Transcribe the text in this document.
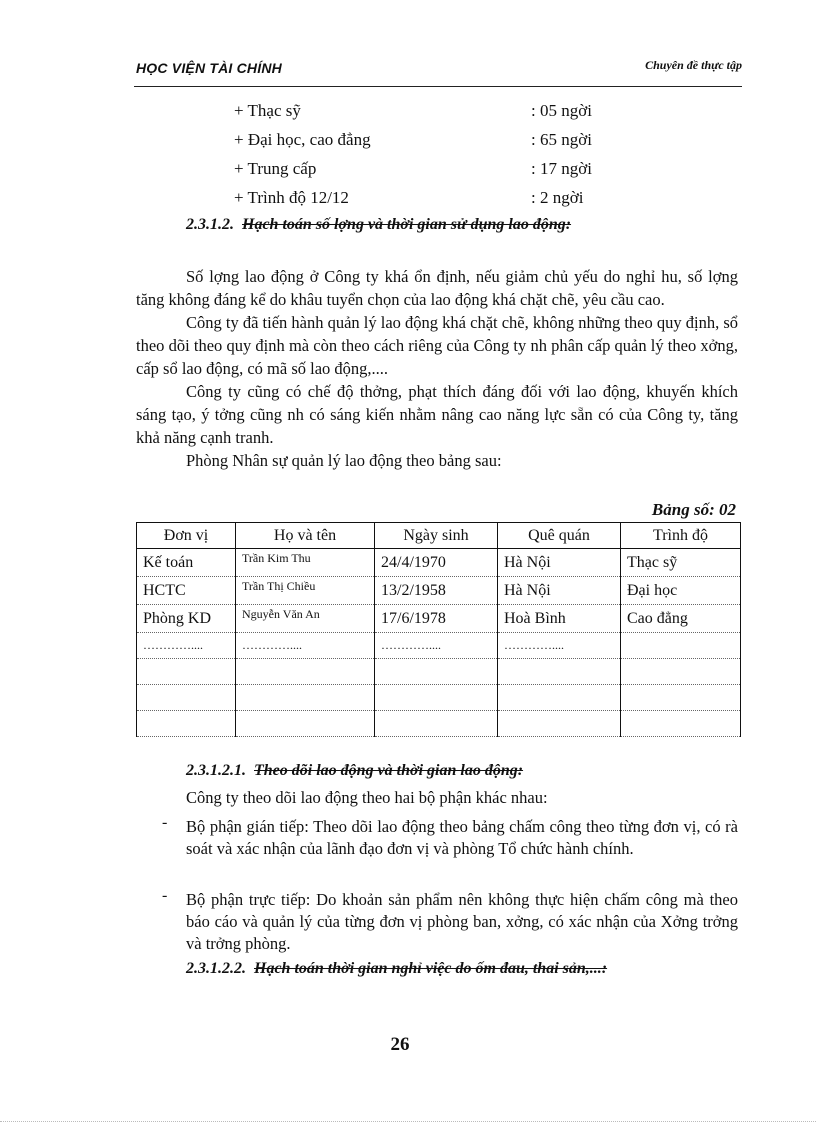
HỌC VIỆN TÀI CHÍNH	Chuyên đề thực tập
+ Thạc sỹ	: 05 ngời
+ Đại học, cao đẳng	: 65 ngời
+ Trung cấp	: 17 ngời
+ Trình độ 12/12	: 2 ngời
2.3.1.2. Hạch toán số lợng và thời gian sử dụng lao động:

Số lợng lao động ở Công ty khá ổn định, nếu giảm chủ yếu do nghỉ hu, số lợng tăng không đáng kể do khâu tuyển chọn của lao động khá chặt chẽ, yêu cầu cao.

Công ty đã tiến hành quản lý lao động khá chặt chẽ, không những theo quy định, sổ theo dõi theo quy định mà còn theo cách riêng của Công ty nh phân cấp quản lý theo xởng, cấp sổ lao động, có mã số lao động,....

Công ty cũng có chế độ thởng, phạt thích đáng đối với lao động, khuyến khích sáng tạo, ý tởng cũng nh có sáng kiến nhằm nâng cao năng lực sẵn có của Công ty, tăng khả năng cạnh tranh.

Phòng Nhân sự quản lý lao động theo bảng sau:

Bảng số: 02
Đơn vị	Họ và tên	Ngày sinh	Quê quán	Trình độ
Kế toán	Trần Kim Thu	24/4/1970	Hà Nội	Thạc sỹ
HCTC	Trần Thị Chiều	13/2/1958	Hà Nội	Đại học
Phòng KD	Nguyễn Văn An	17/6/1978	Hoà Bình	Cao đẳng
…………....	…………....	…………....	…………....	

2.3.1.2.1. Theo dõi lao động và thời gian lao động:
Công ty theo dõi lao động theo hai bộ phận khác nhau:
- Bộ phận gián tiếp: Theo dõi lao động theo bảng chấm công theo từng đơn vị, có rà soát và xác nhận của lãnh đạo đơn vị và phòng Tổ chức hành chính.
- Bộ phận trực tiếp: Do khoản sản phẩm nên không thực hiện chấm công mà theo báo cáo và quản lý của từng đơn vị phòng ban, xởng, có xác nhận của Xởng trởng và trởng phòng.
2.3.1.2.2. Hạch toán thời gian nghỉ việc do ốm đau, thai sản,...:
26
